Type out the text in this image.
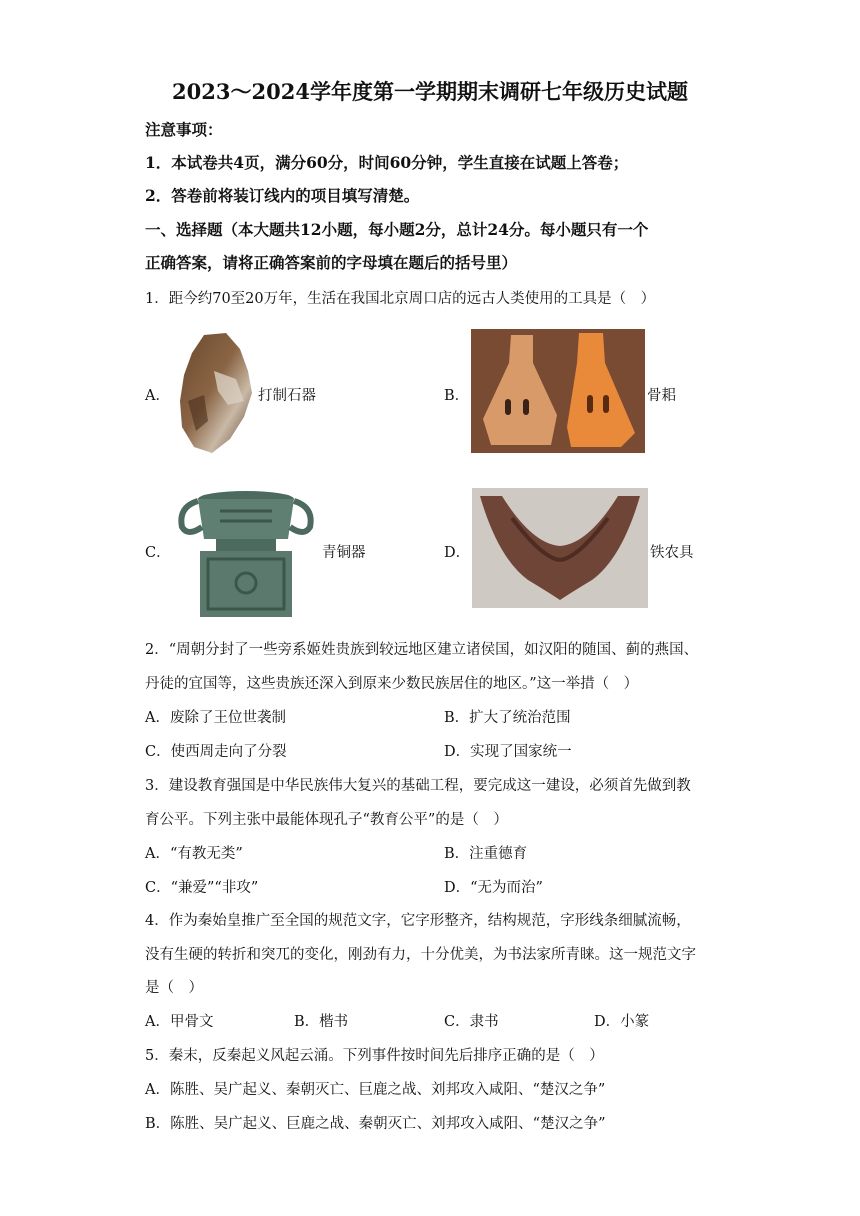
2023～2024学年度第一学期期末调研七年级历史试题
注意事项：
1．本试卷共4页，满分60分，时间60分钟，学生直接在试题上答卷；
2．答卷前将装订线内的项目填写清楚。
一、选择题（本大题共12小题，每小题2分，总计24分。每小题只有一个
正确答案，请将正确答案前的字母填在题后的括号里）
1．距今约70至20万年，生活在我国北京周口店的远古人类使用的工具是（　）
A．	打制石器	B．	骨耜
C．	青铜器	D．	铁农具
2．“周朝分封了一些旁系姬姓贵族到较远地区建立诸侯国，如汉阳的随国、蓟的燕国、
丹徒的宜国等，这些贵族还深入到原来少数民族居住的地区。”这一举措（　）
A．废除了王位世袭制	B．扩大了统治范围
C．使西周走向了分裂	D．实现了国家统一
3．建设教育强国是中华民族伟大复兴的基础工程，要完成这一建设，必须首先做到教
育公平。下列主张中最能体现孔子“教育公平”的是（　）
A．“有教无类”	B．注重德育
C．“兼爱”“非攻”	D．“无为而治”
4．作为秦始皇推广至全国的规范文字，它字形整齐，结构规范，字形线条细腻流畅，
没有生硬的转折和突兀的变化，刚劲有力，十分优美，为书法家所青睐。这一规范文字
是（　）
A．甲骨文	B．楷书	C．隶书	D．小篆
5．秦末，反秦起义风起云涌。下列事件按时间先后排序正确的是（　）
A．陈胜、吴广起义、秦朝灭亡、巨鹿之战、刘邦攻入咸阳、“楚汉之争”
B．陈胜、吴广起义、巨鹿之战、秦朝灭亡、刘邦攻入咸阳、“楚汉之争”
